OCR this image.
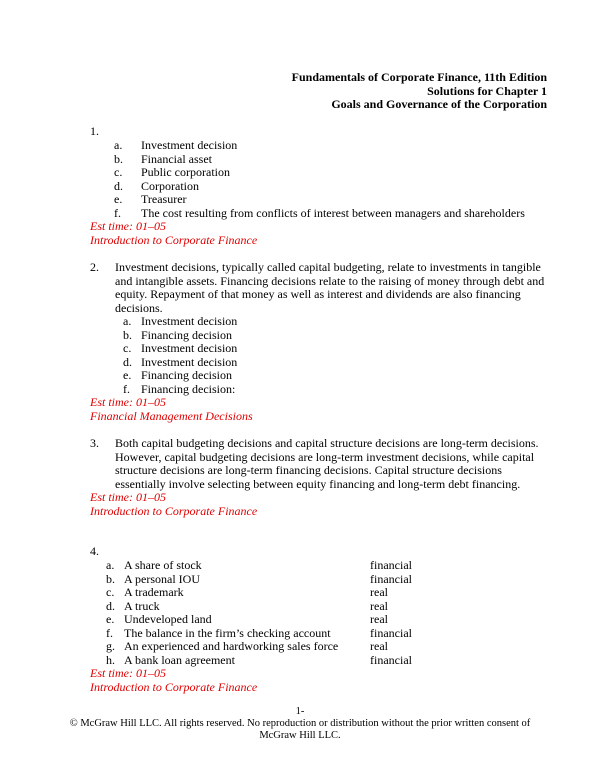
Fundamentals of Corporate Finance, 11th Edition
Solutions for Chapter 1
Goals and Governance of the Corporation
1.
a. Investment decision
b. Financial asset
c. Public corporation
d. Corporation
e. Treasurer
f. The cost resulting from conflicts of interest between managers and shareholders
Est time: 01–05
Introduction to Corporate Finance
2. Investment decisions, typically called capital budgeting, relate to investments in tangible and intangible assets. Financing decisions relate to the raising of money through debt and equity. Repayment of that money as well as interest and dividends are also financing decisions.
a. Investment decision
b. Financing decision
c. Investment decision
d. Investment decision
e. Financing decision
f. Financing decision:
Est time: 01–05
Financial Management Decisions
3. Both capital budgeting decisions and capital structure decisions are long-term decisions. However, capital budgeting decisions are long-term investment decisions, while capital structure decisions are long-term financing decisions. Capital structure decisions essentially involve selecting between equity financing and long-term debt financing.
Est time: 01–05
Introduction to Corporate Finance
4.
a. A share of stock	financial
b. A personal IOU	financial
c. A trademark	real
d. A truck	real
e. Undeveloped land	real
f. The balance in the firm’s checking account	financial
g. An experienced and hardworking sales force	real
h. A bank loan agreement	financial
Est time: 01–05
Introduction to Corporate Finance
1-
© McGraw Hill LLC. All rights reserved. No reproduction or distribution without the prior written consent of McGraw Hill LLC.
